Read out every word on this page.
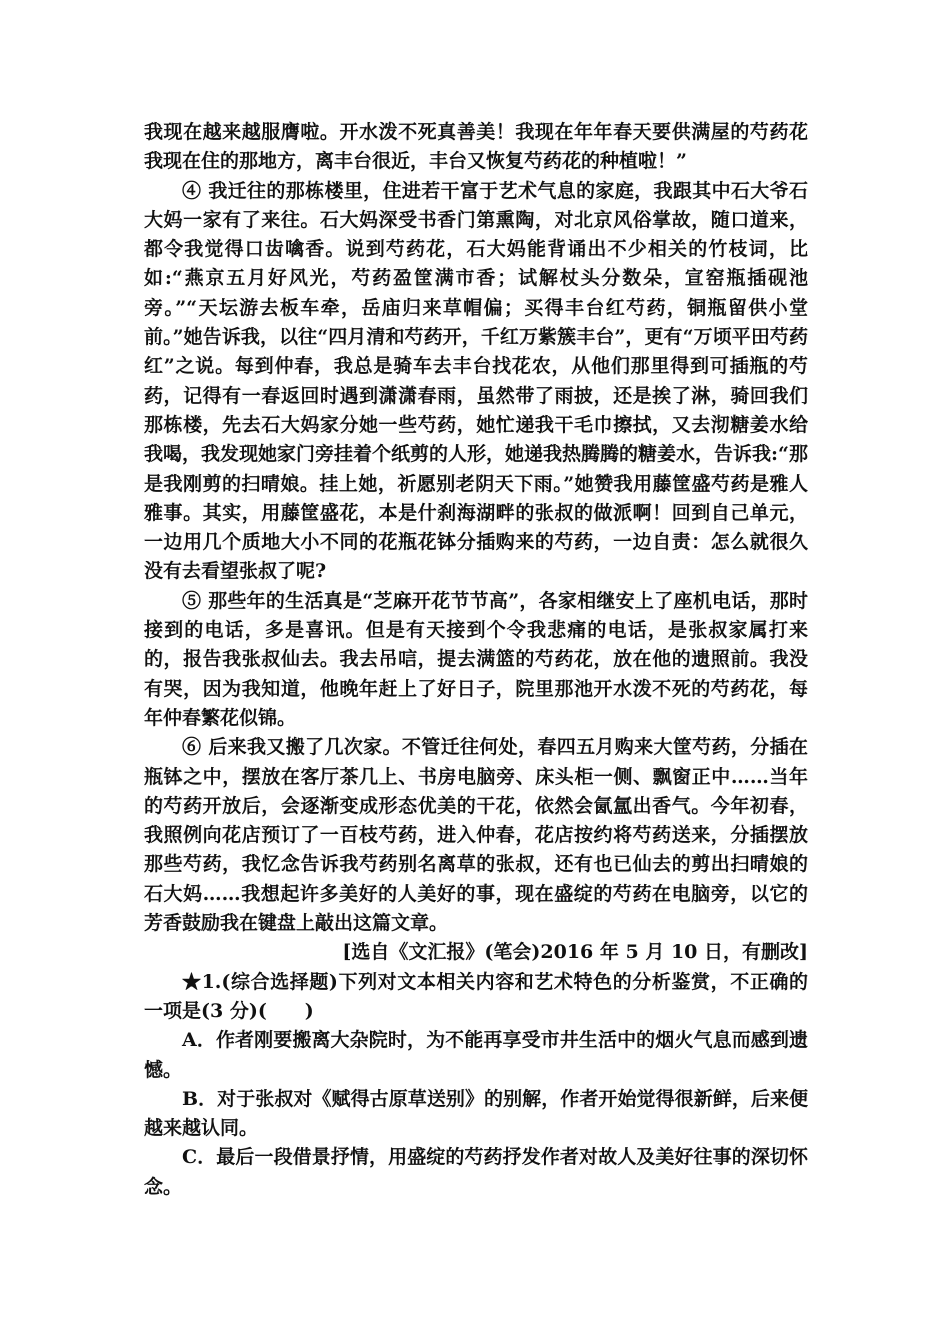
我现在越来越服膺啦。开水泼不死真善美！我现在年年春天要供满屋的芍药花我现在住的那地方，离丰台很近，丰台又恢复芍药花的种植啦！”

④ 我迁往的那栋楼里，住进若干富于艺术气息的家庭，我跟其中石大爷石大妈一家有了来往。石大妈深受书香门第熏陶，对北京风俗掌故，随口道来，都令我觉得口齿噙香。说到芍药花，石大妈能背诵出不少相关的竹枝词，比如:“燕京五月好风光，芍药盈筐满市香；试解杖头分数朵，宣窑瓶插砚池旁。”“天坛游去板车牵，岳庙归来草帽偏；买得丰台红芍药，铜瓶留供小堂前。”她告诉我，以往“四月清和芍药开，千红万紫簇丰台”，更有“万顷平田芍药红”之说。每到仲春，我总是骑车去丰台找花农，从他们那里得到可插瓶的芍药，记得有一春返回时遇到潇潇春雨，虽然带了雨披，还是挨了淋，骑回我们那栋楼，先去石大妈家分她一些芍药，她忙递我干毛巾擦拭，又去沏糖姜水给我喝，我发现她家门旁挂着个纸剪的人形，她递我热腾腾的糖姜水，告诉我:“那是我刚剪的扫晴娘。挂上她，祈愿别老阴天下雨。”她赞我用藤筐盛芍药是雅人雅事。其实，用藤筐盛花，本是什刹海湖畔的张叔的做派啊！回到自己单元，一边用几个质地大小不同的花瓶花钵分插购来的芍药，一边自责：怎么就很久没有去看望张叔了呢?

⑤ 那些年的生活真是“芝麻开花节节高”，各家相继安上了座机电话，那时接到的电话，多是喜讯。但是有天接到个令我悲痛的电话，是张叔家属打来的，报告我张叔仙去。我去吊唁，提去满篮的芍药花，放在他的遗照前。我没有哭，因为我知道，他晚年赶上了好日子，院里那池开水泼不死的芍药花，每年仲春繁花似锦。

⑥ 后来我又搬了几次家。不管迁往何处，春四五月购来大筐芍药，分插在瓶钵之中，摆放在客厅茶几上、书房电脑旁、床头柜一侧、飘窗正中……当年的芍药开放后，会逐渐变成形态优美的干花，依然会氤氲出香气。今年初春，我照例向花店预订了一百枝芍药，进入仲春，花店按约将芍药送来，分插摆放那些芍药，我忆念告诉我芍药别名离草的张叔，还有也已仙去的剪出扫晴娘的石大妈……我想起许多美好的人美好的事，现在盛绽的芍药在电脑旁，以它的芳香鼓励我在键盘上敲出这篇文章。

[选自《文汇报》(笔会)2016 年 5 月 10 日，有删改]

★1.(综合选择题)下列对文本相关内容和艺术特色的分析鉴赏，不正确的一项是(3 分)(　　)

A．作者刚要搬离大杂院时，为不能再享受市井生活中的烟火气息而感到遗憾。

B．对于张叔对《赋得古原草送别》的别解，作者开始觉得很新鲜，后来便越来越认同。

C．最后一段借景抒情，用盛绽的芍药抒发作者对故人及美好往事的深切怀念。
